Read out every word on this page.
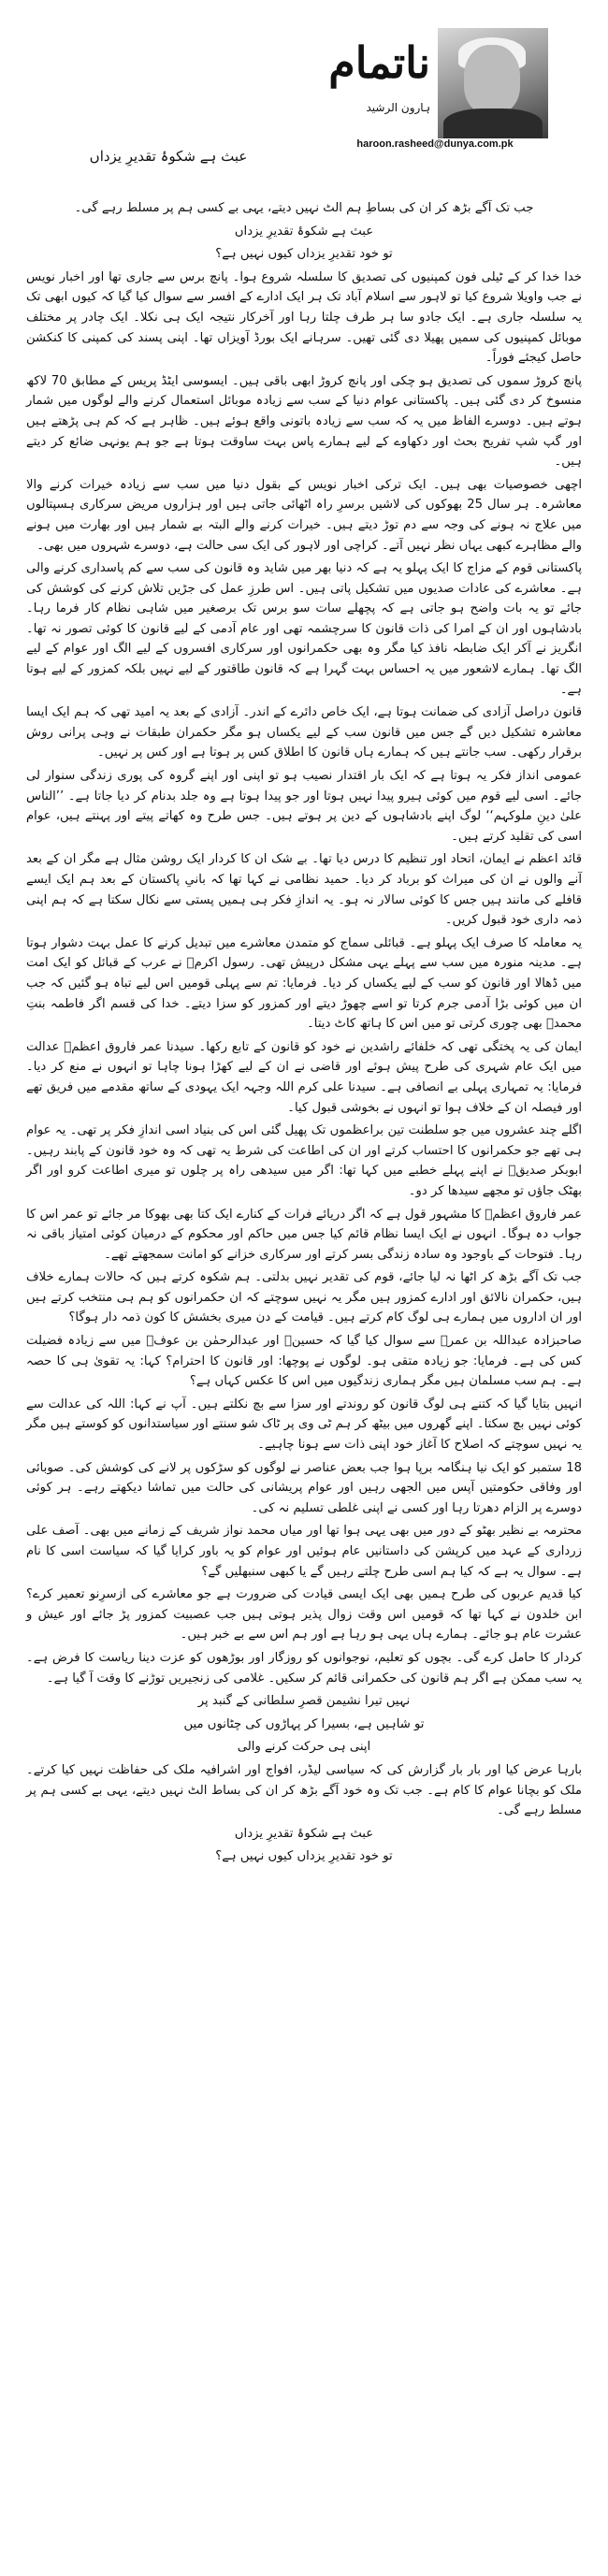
ناتمام
ہارون الرشید
haroon.rasheed@dunya.com.pk
عبث ہے شکوۂ تقدیرِ یزداں

جب تک آگے بڑھ کر ان کی بساطِ ہم الٹ نہیں دیتے، یہی بے کسی ہم پر مسلط رہے گی۔

عبث ہے شکوۂ تقدیرِ یزداں

تو خود تقدیرِ یزداں کیوں نہیں ہے؟

خدا خدا کر کے ٹیلی فون کمپنیوں کی تصدیق کا سلسلہ شروع ہوا۔ پانچ برس سے جاری تھا اور اخبار نویس نے جب واویلا شروع کیا تو لاہور سے اسلام آباد تک ہر ایک ادارے کے افسر سے سوال کیا گیا کہ کیوں ابھی تک یہ سلسلہ جاری ہے۔ ایک جادو سا ہر طرف چلتا رہا اور آخرکار نتیجہ ایک ہی نکلا۔ ایک چادر پر مختلف موبائل کمپنیوں کی سمیں پھیلا دی گئی تھیں۔ سرہانے ایک بورڈ آویزاں تھا۔ اپنی پسند کی کمپنی کا کنکشن حاصل کیجئے فوراً۔

پانچ کروڑ سموں کی تصدیق ہو چکی اور پانچ کروڑ ابھی باقی ہیں۔ ایسوسی ایٹڈ پریس کے مطابق 70 لاکھ منسوخ کر دی گئی ہیں۔ پاکستانی عوام دنیا کے سب سے زیادہ موبائل استعمال کرنے والے لوگوں میں شمار ہوتے ہیں۔ دوسرے الفاظ میں یہ کہ سب سے زیادہ باتونی واقع ہوئے ہیں۔ ظاہر ہے کہ کم ہی پڑھتے ہیں اور گپ شپ تفریح بحث اور دکھاوے کے لیے ہمارے پاس بہت ساوقت ہوتا ہے جو ہم یونہی ضائع کر دیتے ہیں۔

اچھی خصوصیات بھی ہیں۔ ایک ترکی اخبار نویس کے بقول دنیا میں سب سے زیادہ خیرات کرنے والا معاشرہ۔ ہر سال 25 بھوکوں کی لاشیں برسرِ راہ اٹھائی جاتی ہیں اور ہزاروں مریض سرکاری ہسپتالوں میں علاج نہ ہونے کی وجہ سے دم توڑ دیتے ہیں۔ خیرات کرنے والے البتہ بے شمار ہیں اور بھارت میں ہونے والے مظاہرے کبھی یہاں نظر نہیں آتے۔ کراچی اور لاہور کی ایک سی حالت ہے، دوسرے شہروں میں بھی۔

پاکستانی قوم کے مزاج کا ایک پہلو یہ ہے کہ دنیا بھر میں شاید وہ قانون کی سب سے کم پاسداری کرنے والی ہے۔ معاشرے کی عادات صدیوں میں تشکیل پاتی ہیں۔ اس طرزِ عمل کی جڑیں تلاش کرنے کی کوشش کی جائے تو یہ بات واضح ہو جاتی ہے کہ پچھلے سات سو برس تک برصغیر میں شاہی نظام کار فرما رہا۔ بادشاہوں اور ان کے امرا کی ذات قانون کا سرچشمہ تھی اور عام آدمی کے لیے قانون کا کوئی تصور نہ تھا۔ انگریز نے آکر ایک ضابطہ نافذ کیا مگر وہ بھی حکمرانوں اور سرکاری افسروں کے لیے الگ اور عوام کے لیے الگ تھا۔ ہمارے لاشعور میں یہ احساس بہت گہرا ہے کہ قانون طاقتور کے لیے نہیں بلکہ کمزور کے لیے ہوتا ہے۔

قانون دراصل آزادی کی ضمانت ہوتا ہے، ایک خاص دائرے کے اندر۔ آزادی کے بعد یہ امید تھی کہ ہم ایک ایسا معاشرہ تشکیل دیں گے جس میں قانون سب کے لیے یکساں ہو مگر حکمران طبقات نے وہی پرانی روش برقرار رکھی۔ سب جانتے ہیں کہ ہمارے ہاں قانون کا اطلاق کس پر ہوتا ہے اور کس پر نہیں۔

عمومی انداز فکر یہ ہوتا ہے کہ ایک بار اقتدار نصیب ہو تو اپنی اور اپنے گروہ کی پوری زندگی سنوار لی جائے۔ اسی لیے قوم میں کوئی ہیرو پیدا نہیں ہوتا اور جو پیدا ہوتا ہے وہ جلد بدنام کر دیا جاتا ہے۔ ’’الناس علیٰ دینِ ملوکہم‘‘ لوگ اپنے بادشاہوں کے دین پر ہوتے ہیں۔ جس طرح وہ کھاتے پیتے اور پہنتے ہیں، عوام اسی کی تقلید کرتے ہیں۔

قائد اعظم نے ایمان، اتحاد اور تنظیم کا درس دیا تھا۔ بے شک ان کا کردار ایک روشن مثال ہے مگر ان کے بعد آنے والوں نے ان کی میراث کو برباد کر دیا۔ حمید نظامی نے کہا تھا کہ بانیِ پاکستان کے بعد ہم ایک ایسے قافلے کی مانند ہیں جس کا کوئی سالار نہ ہو۔ یہ اندازِ فکر ہی ہمیں پستی سے نکال سکتا ہے کہ ہم اپنی ذمہ داری خود قبول کریں۔

یہ معاملہ کا صرف ایک پہلو ہے۔ قبائلی سماج کو متمدن معاشرے میں تبدیل کرنے کا عمل بہت دشوار ہوتا ہے۔ مدینہ منورہ میں سب سے پہلے یہی مشکل درپیش تھی۔ رسول اکرمؐ نے عرب کے قبائل کو ایک امت میں ڈھالا اور قانون کو سب کے لیے یکساں کر دیا۔ فرمایا: تم سے پہلی قومیں اس لیے تباہ ہو گئیں کہ جب ان میں کوئی بڑا آدمی جرم کرتا تو اسے چھوڑ دیتے اور کمزور کو سزا دیتے۔ خدا کی قسم اگر فاطمہ بنتِ محمدؐ بھی چوری کرتی تو میں اس کا ہاتھ کاٹ دیتا۔

ایمان کی یہ پختگی تھی کہ خلفائے راشدین نے خود کو قانون کے تابع رکھا۔ سیدنا عمر فاروق اعظمؓ عدالت میں ایک عام شہری کی طرح پیش ہوئے اور قاضی نے ان کے لیے کھڑا ہونا چاہا تو انہوں نے منع کر دیا۔ فرمایا: یہ تمہاری پہلی بے انصافی ہے۔ سیدنا علی کرم اللہ وجہہ ایک یہودی کے ساتھ مقدمے میں فریق تھے اور فیصلہ ان کے خلاف ہوا تو انہوں نے بخوشی قبول کیا۔

اگلے چند عشروں میں جو سلطنت تین براعظموں تک پھیل گئی اس کی بنیاد اسی اندازِ فکر پر تھی۔ یہ عوام ہی تھے جو حکمرانوں کا احتساب کرتے اور ان کی اطاعت کی شرط یہ تھی کہ وہ خود قانون کے پابند رہیں۔ ابوبکر صدیقؓ نے اپنے پہلے خطبے میں کہا تھا: اگر میں سیدھی راہ پر چلوں تو میری اطاعت کرو اور اگر بھٹک جاؤں تو مجھے سیدھا کر دو۔

عمر فاروق اعظمؓ کا مشہور قول ہے کہ اگر دریائے فرات کے کنارے ایک کتا بھی بھوکا مر جائے تو عمر اس کا جواب دہ ہوگا۔ انہوں نے ایک ایسا نظام قائم کیا جس میں حاکم اور محکوم کے درمیان کوئی امتیاز باقی نہ رہا۔ فتوحات کے باوجود وہ سادہ زندگی بسر کرتے اور سرکاری خزانے کو امانت سمجھتے تھے۔

جب تک آگے بڑھ کر اٹھا نہ لیا جائے، قوم کی تقدیر نہیں بدلتی۔ ہم شکوہ کرتے ہیں کہ حالات ہمارے خلاف ہیں، حکمران نالائق اور ادارے کمزور ہیں مگر یہ نہیں سوچتے کہ ان حکمرانوں کو ہم ہی منتخب کرتے ہیں اور ان اداروں میں ہمارے ہی لوگ کام کرتے ہیں۔ قیامت کے دن میری بخشش کا کون ذمہ دار ہوگا؟

صاحبزادہ عبداللہ بن عمرؓ سے سوال کیا گیا کہ حسینؓ اور عبدالرحمٰن بن عوفؓ میں سے زیادہ فضیلت کس کی ہے۔ فرمایا: جو زیادہ متقی ہو۔ لوگوں نے پوچھا: اور قانون کا احترام؟ کہا: یہ تقویٰ ہی کا حصہ ہے۔ ہم سب مسلمان ہیں مگر ہماری زندگیوں میں اس کا عکس کہاں ہے؟

انہیں بتایا گیا کہ کتنے ہی لوگ قانون کو روندتے اور سزا سے بچ نکلتے ہیں۔ آپ نے کہا: اللہ کی عدالت سے کوئی نہیں بچ سکتا۔ اپنے گھروں میں بیٹھ کر ہم ٹی وی پر ٹاک شو سنتے اور سیاستدانوں کو کوستے ہیں مگر یہ نہیں سوچتے کہ اصلاح کا آغاز خود اپنی ذات سے ہونا چاہیے۔

18 ستمبر کو ایک نیا ہنگامہ برپا ہوا جب بعض عناصر نے لوگوں کو سڑکوں پر لانے کی کوشش کی۔ صوبائی اور وفاقی حکومتیں آپس میں الجھی رہیں اور عوام پریشانی کی حالت میں تماشا دیکھتے رہے۔ ہر کوئی دوسرے پر الزام دھرتا رہا اور کسی نے اپنی غلطی تسلیم نہ کی۔

محترمہ بے نظیر بھٹو کے دور میں بھی یہی ہوا تھا اور میاں محمد نواز شریف کے زمانے میں بھی۔ آصف علی زرداری کے عہد میں کرپشن کی داستانیں عام ہوئیں اور عوام کو یہ باور کرایا گیا کہ سیاست اسی کا نام ہے۔ سوال یہ ہے کہ کیا ہم اسی طرح چلتے رہیں گے یا کبھی سنبھلیں گے؟

کیا قدیم عربوں کی طرح ہمیں بھی ایک ایسی قیادت کی ضرورت ہے جو معاشرے کی ازسرِنو تعمیر کرے؟ ابن خلدون نے کہا تھا کہ قومیں اس وقت زوال پذیر ہوتی ہیں جب عصبیت کمزور پڑ جائے اور عیش و عشرت عام ہو جائے۔ ہمارے ہاں یہی ہو رہا ہے اور ہم اس سے بے خبر ہیں۔

کردار کا حامل کرے گی۔ بچوں کو تعلیم، نوجوانوں کو روزگار اور بوڑھوں کو عزت دینا ریاست کا فرض ہے۔ یہ سب ممکن ہے اگر ہم قانون کی حکمرانی قائم کر سکیں۔ غلامی کی زنجیریں توڑنے کا وقت آ گیا ہے۔

نہیں تیرا نشیمن قصرِ سلطانی کے گنبد پر

تو شاہیں ہے، بسیرا کر پہاڑوں کی چٹانوں میں

اپنی ہی حرکت کرنے والی

بارہا عرض کیا اور بار بار گزارش کی کہ سیاسی لیڈر، افواج اور اشرافیہ ملک کی حفاظت نہیں کیا کرتے۔ ملک کو بچانا عوام کا کام ہے۔ جب تک وہ خود آگے بڑھ کر ان کی بساط الٹ نہیں دیتے، یہی بے کسی ہم پر مسلط رہے گی۔

عبث ہے شکوۂ تقدیرِ یزداں

تو خود تقدیرِ یزداں کیوں نہیں ہے؟
